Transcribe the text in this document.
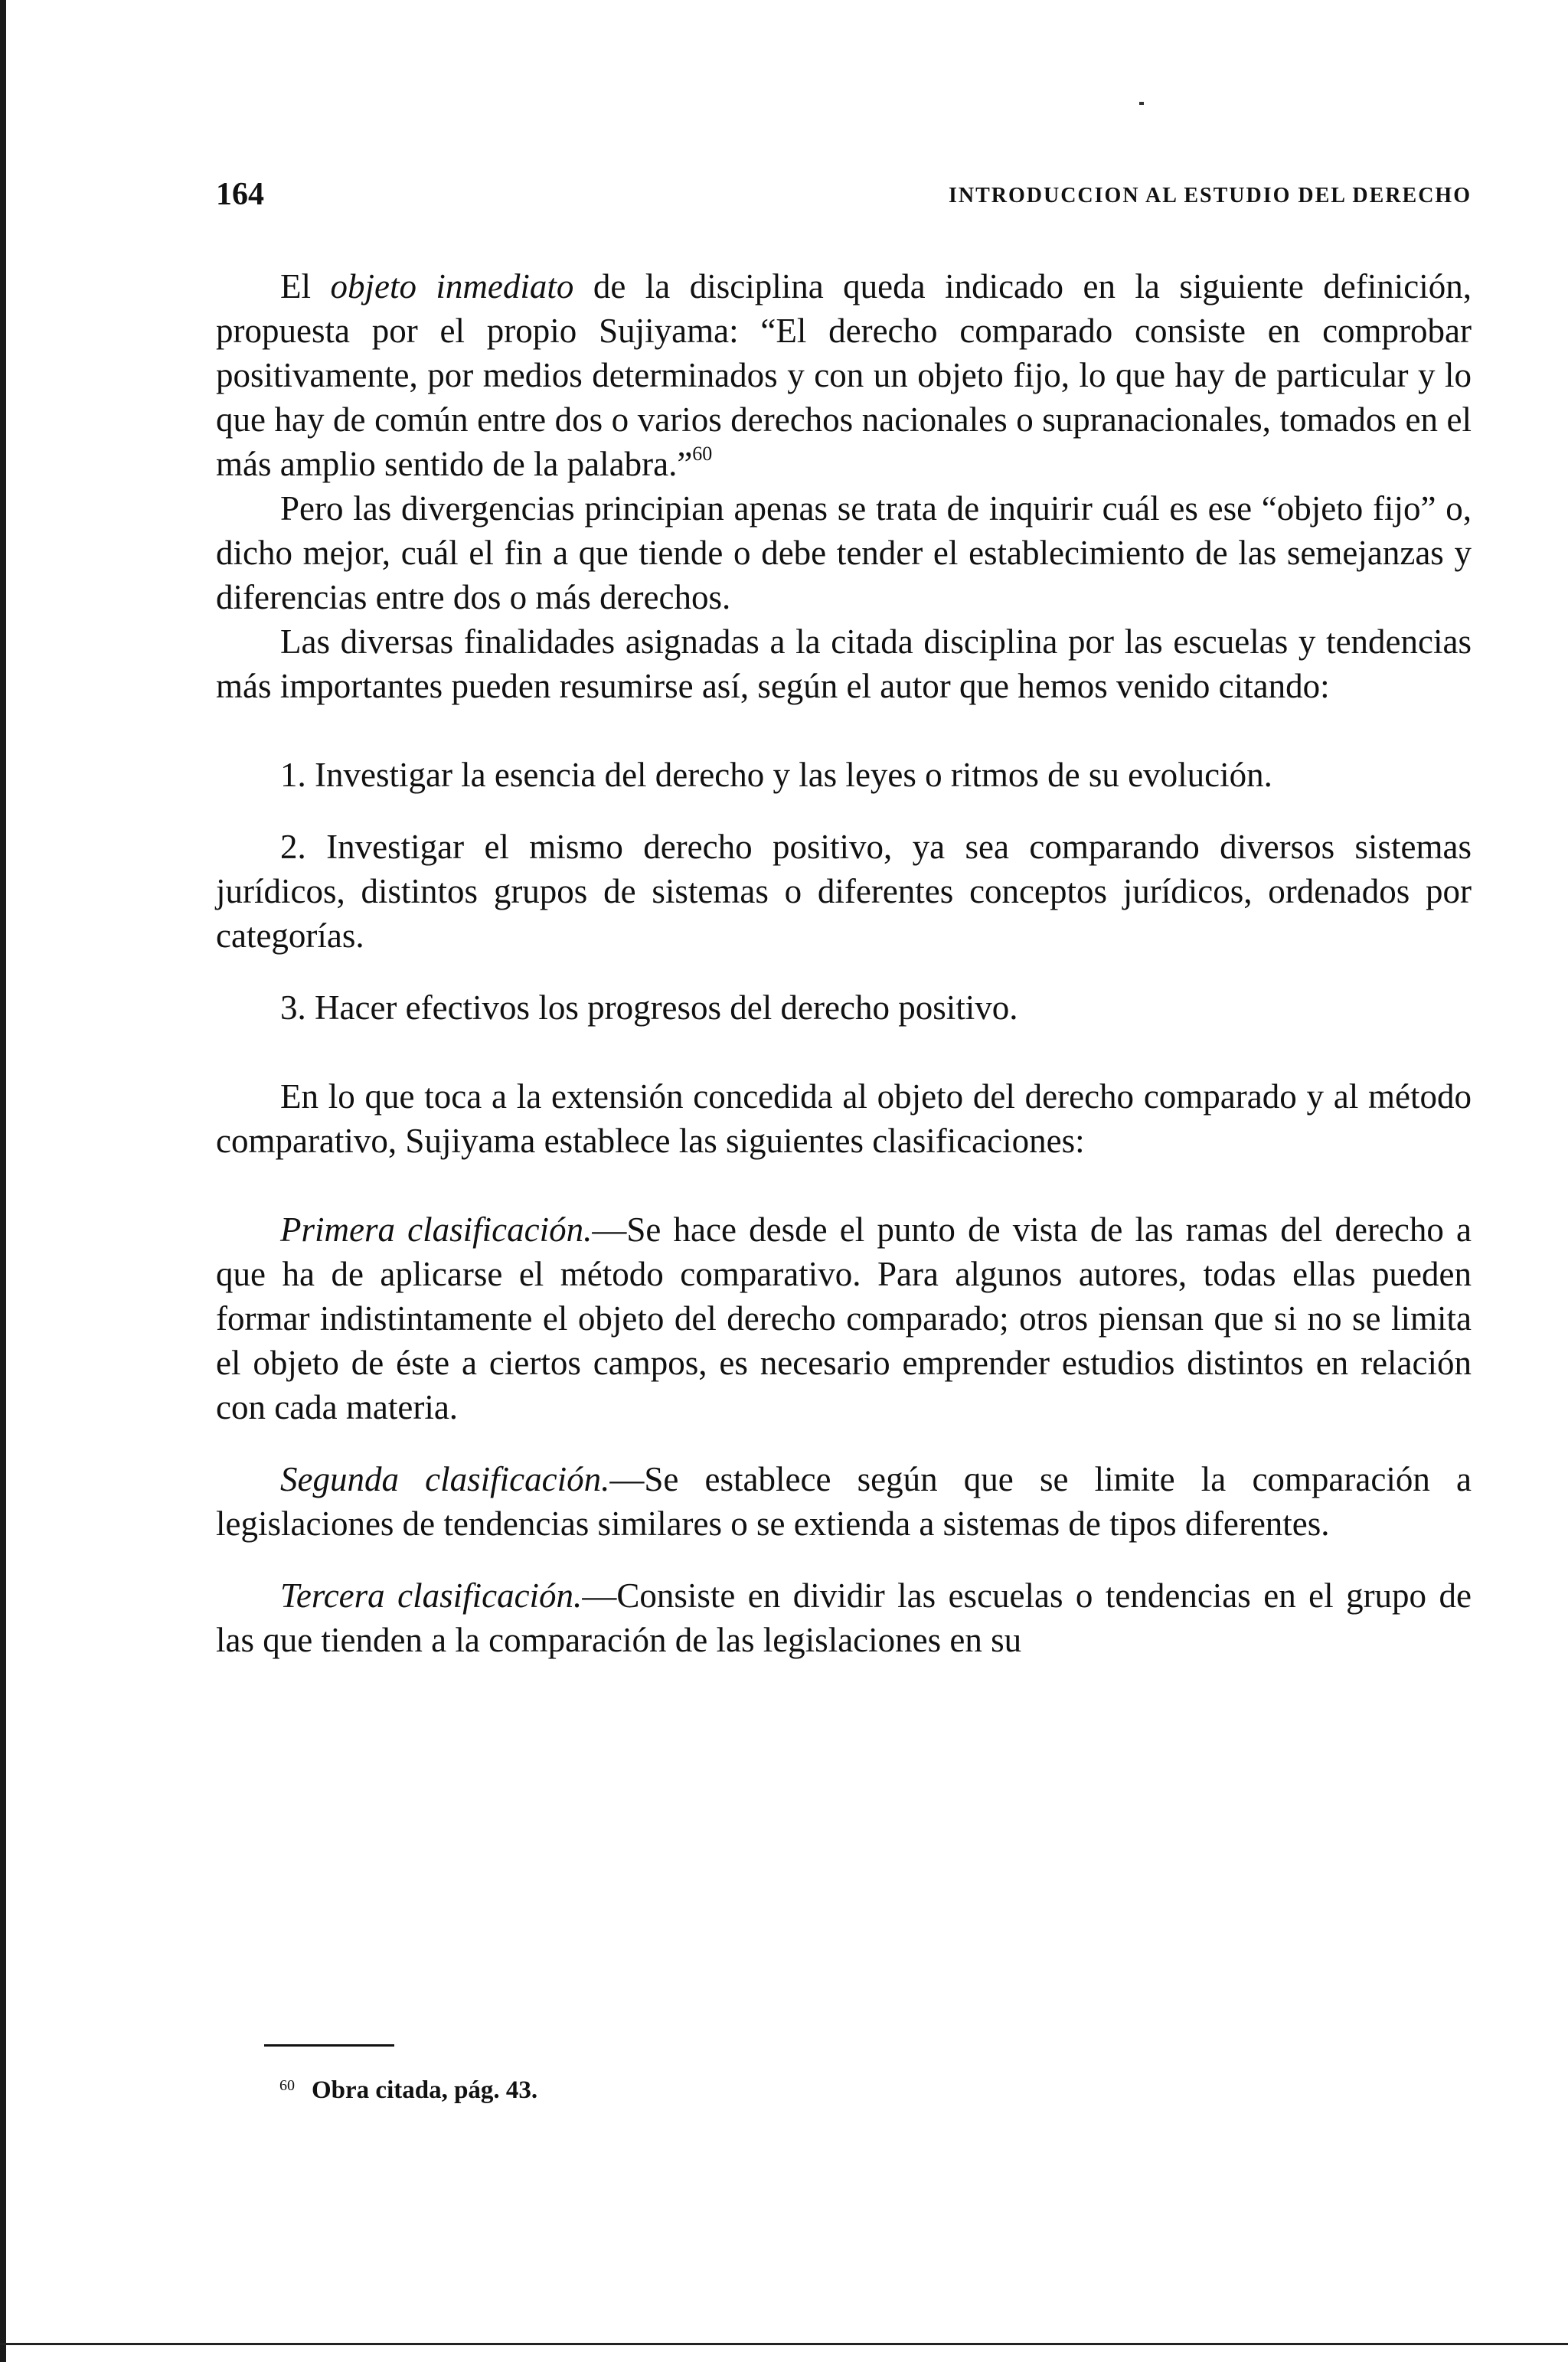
164	INTRODUCCION AL ESTUDIO DEL DERECHO

El objeto inmediato de la disciplina queda indicado en la siguiente definición, propuesta por el propio Sujiyama: “El derecho comparado consiste en comprobar positivamente, por medios determinados y con un objeto fijo, lo que hay de particular y lo que hay de común entre dos o varios derechos nacionales o supranacionales, tomados en el más amplio sentido de la palabra.”$^{60}$

Pero las divergencias principian apenas se trata de inquirir cuál es ese “objeto fijo” o, dicho mejor, cuál el fin a que tiende o debe tender el establecimiento de las semejanzas y diferencias entre dos o más derechos.

Las diversas finalidades asignadas a la citada disciplina por las escuelas y tendencias más importantes pueden resumirse así, según el autor que hemos venido citando:

1. Investigar la esencia del derecho y las leyes o ritmos de su evolución.

2. Investigar el mismo derecho positivo, ya sea comparando diversos sistemas jurídicos, distintos grupos de sistemas o diferentes conceptos jurídicos, ordenados por categorías.

3. Hacer efectivos los progresos del derecho positivo.

En lo que toca a la extensión concedida al objeto del derecho comparado y al método comparativo, Sujiyama establece las siguientes clasificaciones:

Primera clasificación.—Se hace desde el punto de vista de las ramas del derecho a que ha de aplicarse el método comparativo. Para algunos autores, todas ellas pueden formar indistintamente el objeto del derecho comparado; otros piensan que si no se limita el objeto de éste a ciertos campos, es necesario emprender estudios distintos en relación con cada materia.

Segunda clasificación.—Se establece según que se limite la comparación a legislaciones de tendencias similares o se extienda a sistemas de tipos diferentes.

Tercera clasificación.—Consiste en dividir las escuelas o tendencias en el grupo de las que tienden a la comparación de las legislaciones en su

$^{60}$ Obra citada, pág. 43.
